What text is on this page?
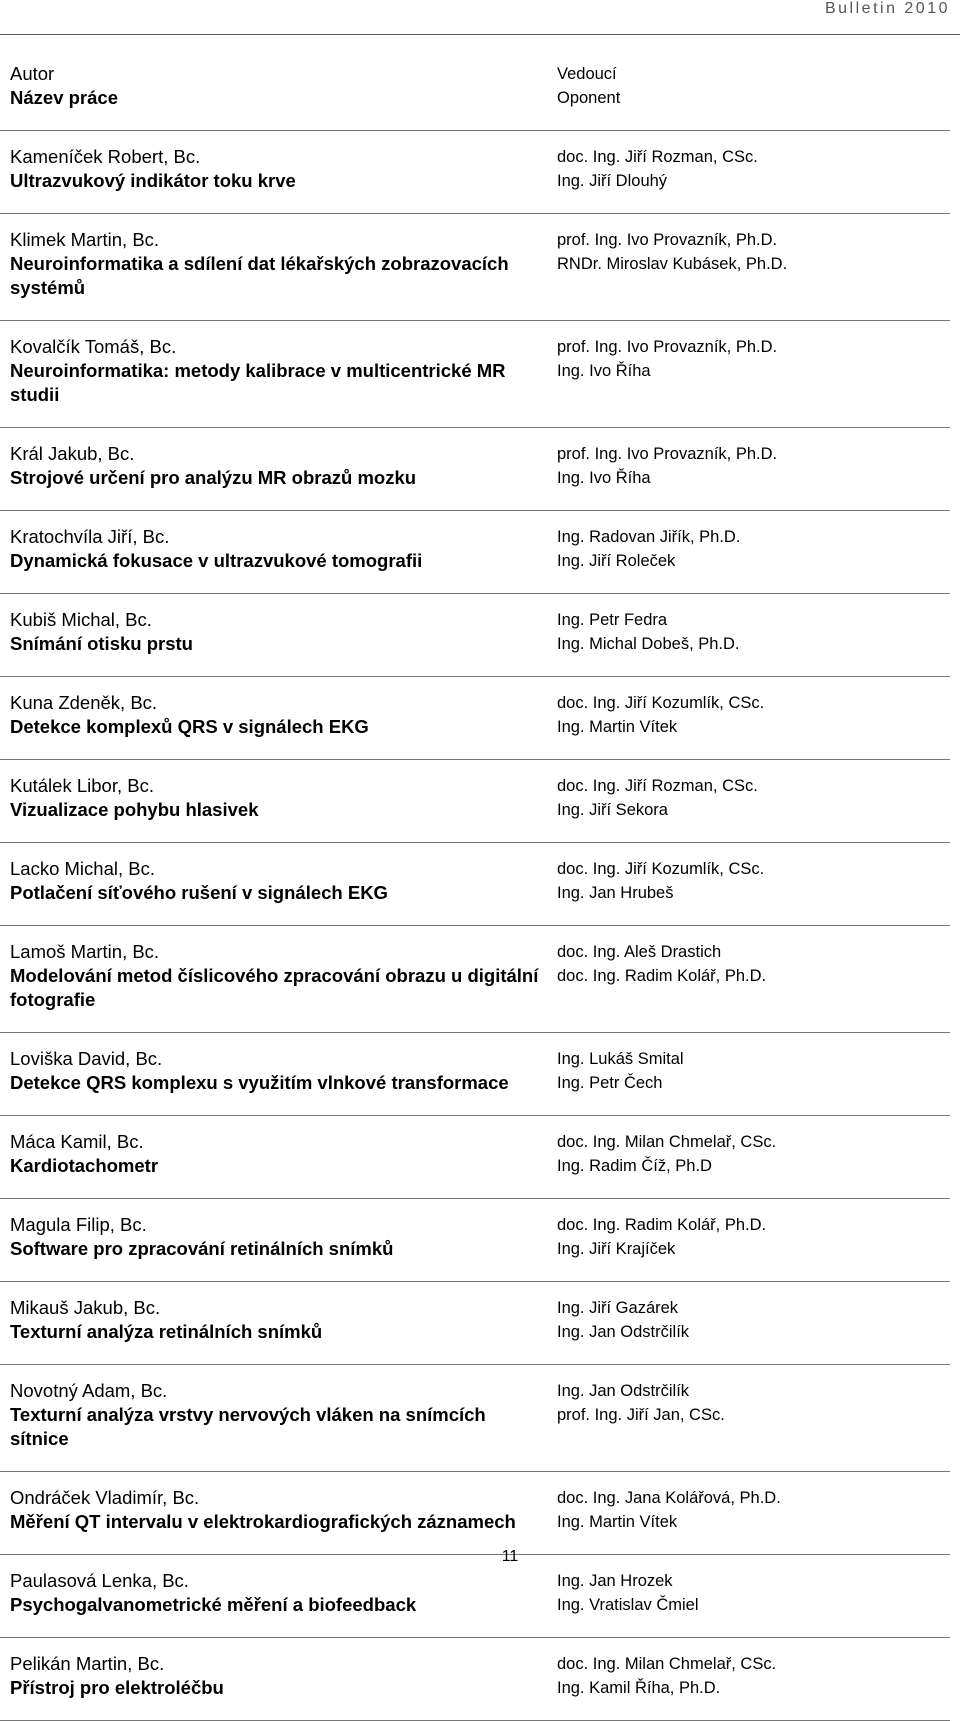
Bulletin 2010
Autor
Název práce
Vedoucí
Oponent
Kameníček Robert, Bc.
Ultrazvukový indikátor toku krve
doc. Ing. Jiří Rozman, CSc.
Ing. Jiří Dlouhý
Klimek Martin, Bc.
Neuroinformatika a sdílení dat lékařských zobrazovacích systémů
prof. Ing. Ivo Provazník, Ph.D.
RNDr. Miroslav Kubásek, Ph.D.
Kovalčík Tomáš, Bc.
Neuroinformatika: metody kalibrace v multicentrické MR studii
prof. Ing. Ivo Provazník, Ph.D.
Ing. Ivo Říha
Král Jakub, Bc.
Strojové určení pro analýzu MR obrazů mozku
prof. Ing. Ivo Provazník, Ph.D.
Ing. Ivo Říha
Kratochvíla Jiří, Bc.
Dynamická fokusace v ultrazvukové tomografii
Ing. Radovan Jiřík, Ph.D.
Ing. Jiří Roleček
Kubiš Michal, Bc.
Snímání otisku prstu
Ing. Petr Fedra
Ing. Michal Dobeš, Ph.D.
Kuna Zdeněk, Bc.
Detekce komplexů QRS v signálech EKG
doc. Ing. Jiří Kozumlík, CSc.
Ing. Martin Vítek
Kutálek Libor, Bc.
Vizualizace pohybu hlasivek
doc. Ing. Jiří Rozman, CSc.
Ing. Jiří Sekora
Lacko Michal, Bc.
Potlačení síťového rušení v signálech EKG
doc. Ing. Jiří Kozumlík, CSc.
Ing. Jan Hrubeš
Lamoš Martin, Bc.
Modelování metod číslicového zpracování obrazu u digitální fotografie
doc. Ing. Aleš Drastich
doc. Ing. Radim Kolář, Ph.D.
Loviška David, Bc.
Detekce QRS komplexu s využitím vlnkové transformace
Ing. Lukáš Smital
Ing. Petr Čech
Máca Kamil, Bc.
Kardiotachometr
doc. Ing. Milan Chmelař, CSc.
Ing. Radim Číž, Ph.D
Magula Filip, Bc.
Software pro zpracování retinálních snímků
doc. Ing. Radim Kolář, Ph.D.
Ing. Jiří Krajíček
Mikauš Jakub, Bc.
Texturní analýza retinálních snímků
Ing. Jiří Gazárek
Ing. Jan Odstrčilík
Novotný Adam, Bc.
Texturní analýza vrstvy nervových vláken na snímcích sítnice
Ing. Jan Odstrčilík
prof. Ing. Jiří Jan, CSc.
Ondráček Vladimír, Bc.
Měření QT intervalu v elektrokardiografických záznamech
doc. Ing. Jana Kolářová, Ph.D.
Ing. Martin Vítek
Paulasová Lenka, Bc.
Psychogalvanometrické měření a biofeedback
Ing. Jan Hrozek
Ing. Vratislav Čmiel
Pelikán Martin, Bc.
Přístroj pro elektroléčbu
doc. Ing. Milan Chmelař, CSc.
Ing. Kamil Říha, Ph.D.
11
